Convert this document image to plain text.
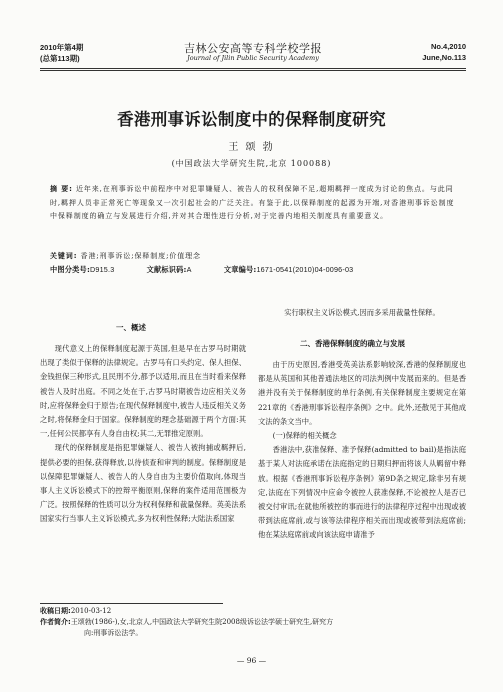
2010年第4期
(总第113期)
吉林公安高等专科学校学报
Journal of Jilin Public Security Academy
No.4,2010
June,No.113
香港刑事诉讼制度中的保释制度研究
王 颂 勃
(中国政法大学研究生院,北京 100088)
摘 要: 近年来,在刑事诉讼中前程序中对犯罪嫌疑人、被告人的权利保障不足,超期羁押一度成为讨论的焦点。与此同时,羁押人员非正常死亡等现象又一次引起社会的广泛关注。有鉴于此,以保释制度的起源为开端,对香港刑事诉讼制度中保释制度的确立与发展进行介绍,并对其合理性进行分析,对于完善内地相关制度具有重要意义。
关键词: 香港;刑事诉讼;保释制度;价值理念
中图分类号:D915.3	文献标识码:A	文章编号:1671-0541(2010)04-0096-03
实行职权主义诉讼模式,因而多采用裁量性保释。
一、概述
二、香港保释制度的确立与发展

现代意义上的保释制度起源于英国,但是早在古罗马时期就出现了类似于保释的法律规定。古罗马有口头约定、保人担保、金钱担保三种形式,且民刑不分,都予以适用,而且在当时看来保释被告人及时出庭。不同之处在于,古罗马时期被告边应相关义务时,应将保释金归于原告;在现代保释制度中,被告人违反相关义务之时,将保释金归于国家。保释制度的理念基础源于两个方面:其一,任何公民都享有人身自由权;其二,无罪推定原则。

现代的保释制度是指犯罪嫌疑人、被告人被拘捕或羁押后,提供必要的担保,获得释放,以待侦查和审判的制度。保释制度是以保障犯罪嫌疑人、被告人的人身自由为主要价值取向,体现当事人主义诉讼模式下的控辩平衡原则,保释的案件适用范围极为广泛。按照保释的性质可以分为权利保释和裁量保释。英美法系国家实行当事人主义诉讼模式,多为权利性保释;大陆法系国家

由于历史原因,香港受英美法系影响较深,香港的保释制度也都是从英国和其他普通法地区的司法判例中发展而来的。但是香港并没有关于保释制度的单行条例,有关保释制度主要规定在第221章的《香港刑事诉讼程序条例》之中。此外,还散见于其他成文法的条文当中。

(一)保释的相关概念

香港法中,获准保释、准予保释(admitted to bail)是指法庭基于某人对法庭承诺在法庭指定的日期归押而将该人从羁留中释放。根据《香港刑事诉讼程序条例》第9D条之规定,除非另有规定,法庭在下列情况中应命令被控人获准保释,不论被控人是否已被交付审讯;在就他所被控的事而进行的法律程序过程中出现或被带到法庭席前,或与该等法律程序相关而出现或被带到法庭席前;他在某法庭席前或向该法庭申请准予

收稿日期:2010-03-12
作者简介:王颂勃(1986-),女,北京人,中国政法大学研究生院2008级诉讼法学硕士研究生,研究方
向:刑事诉讼法学。
— 96 —
